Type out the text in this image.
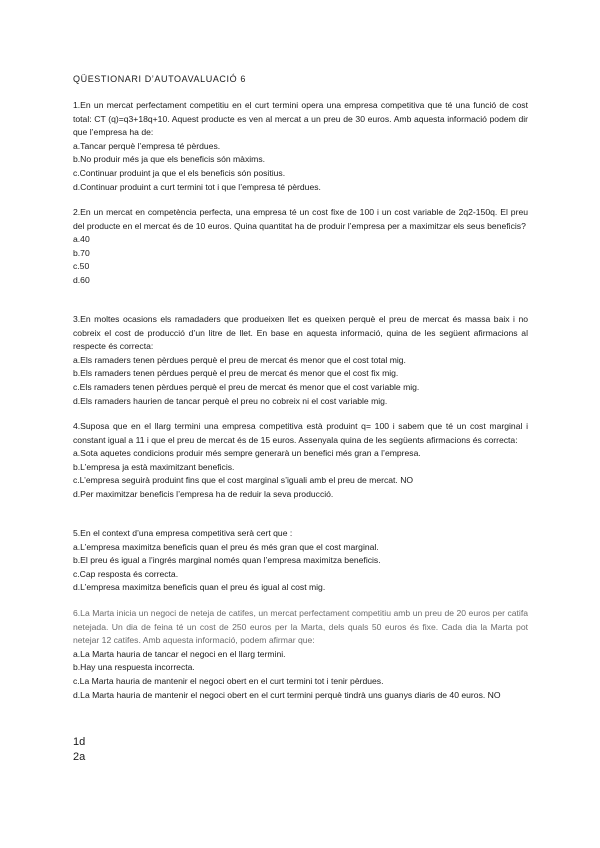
QÜESTIONARI D’AUTOAVALUACIÓ 6

1.En un mercat perfectament competitiu en el curt termini opera una empresa competitiva que té una funció de cost total: CT (q)=q3+18q+10. Aquest producte es ven al mercat a un preu de 30 euros. Amb aquesta informació podem dir que l’empresa ha de:

a.Tancar perquè l’empresa té pèrdues.

b.No produir més ja que els beneficis són màxims.

c.Continuar produint ja que el els beneficis són positius.

d.Continuar produint a curt termini tot i que l’empresa té pèrdues.

2.En un mercat en competència perfecta, una empresa té un cost fixe de 100 i un cost variable de 2q2-150q. El preu del producte en el mercat és de 10 euros. Quina quantitat ha de produir l’empresa per a maximitzar els seus beneficis?

a.40

b.70

c.50

d.60

3.En moltes ocasions els ramadaders que produeixen llet es queixen perquè el preu de mercat és massa baix i no cobreix el cost de producció d’un litre de llet. En base en aquesta informació, quina de les següent afirmacions al respecte és correcta:

a.Els ramaders tenen pèrdues perquè el preu de mercat és menor que el cost total mig.

b.Els ramaders tenen pèrdues perquè el preu de mercat és menor que el cost fix mig.

c.Els ramaders tenen pèrdues perquè el preu de mercat és menor que el cost variable mig.

d.Els ramaders haurien de tancar perquè el preu no cobreix ni el cost variable mig.

4.Suposa que en el llarg termini una empresa competitiva està produint q= 100 i sabem que té un cost marginal i constant igual a 11 i que el preu de mercat és de 15 euros. Assenyala quina de les següents afirmacions és correcta:

a.Sota aquetes condicions produir més sempre generarà un benefici més gran a l’empresa.

b.L’empresa ja està maximitzant beneficis.

c.L’empresa seguirà produint fins que el cost marginal s’iguali amb el preu de mercat. NO

d.Per maximitzar beneficis l’empresa ha de reduir la seva producció.

5.En el context d’una empresa competitiva serà cert que :

a.L’empresa maximitza beneficis quan el preu és més gran que el cost marginal.

b.El preu és igual a l’ingrés marginal només quan l’empresa maximitza beneficis.

c.Cap resposta és correcta.

d.L’empresa maximitza beneficis quan el preu és igual al cost mig.

6.La Marta inicia un negoci de neteja de catifes, un mercat perfectament competitiu amb un preu de 20 euros per catifa netejada. Un dia de feina té un cost de 250 euros per la Marta, dels quals 50 euros és fixe. Cada dia la Marta pot netejar 12 catifes. Amb aquesta informació, podem afirmar que:

a.La Marta hauria de tancar el negoci en el llarg termini.

b.Hay una respuesta incorrecta.

c.La Marta hauria de mantenir el negoci obert en el curt termini tot i tenir pèrdues.

d.La Marta hauria de mantenir el negoci obert en el curt termini perquè tindrà uns guanys diaris de 40 euros. NO

1d
2a
